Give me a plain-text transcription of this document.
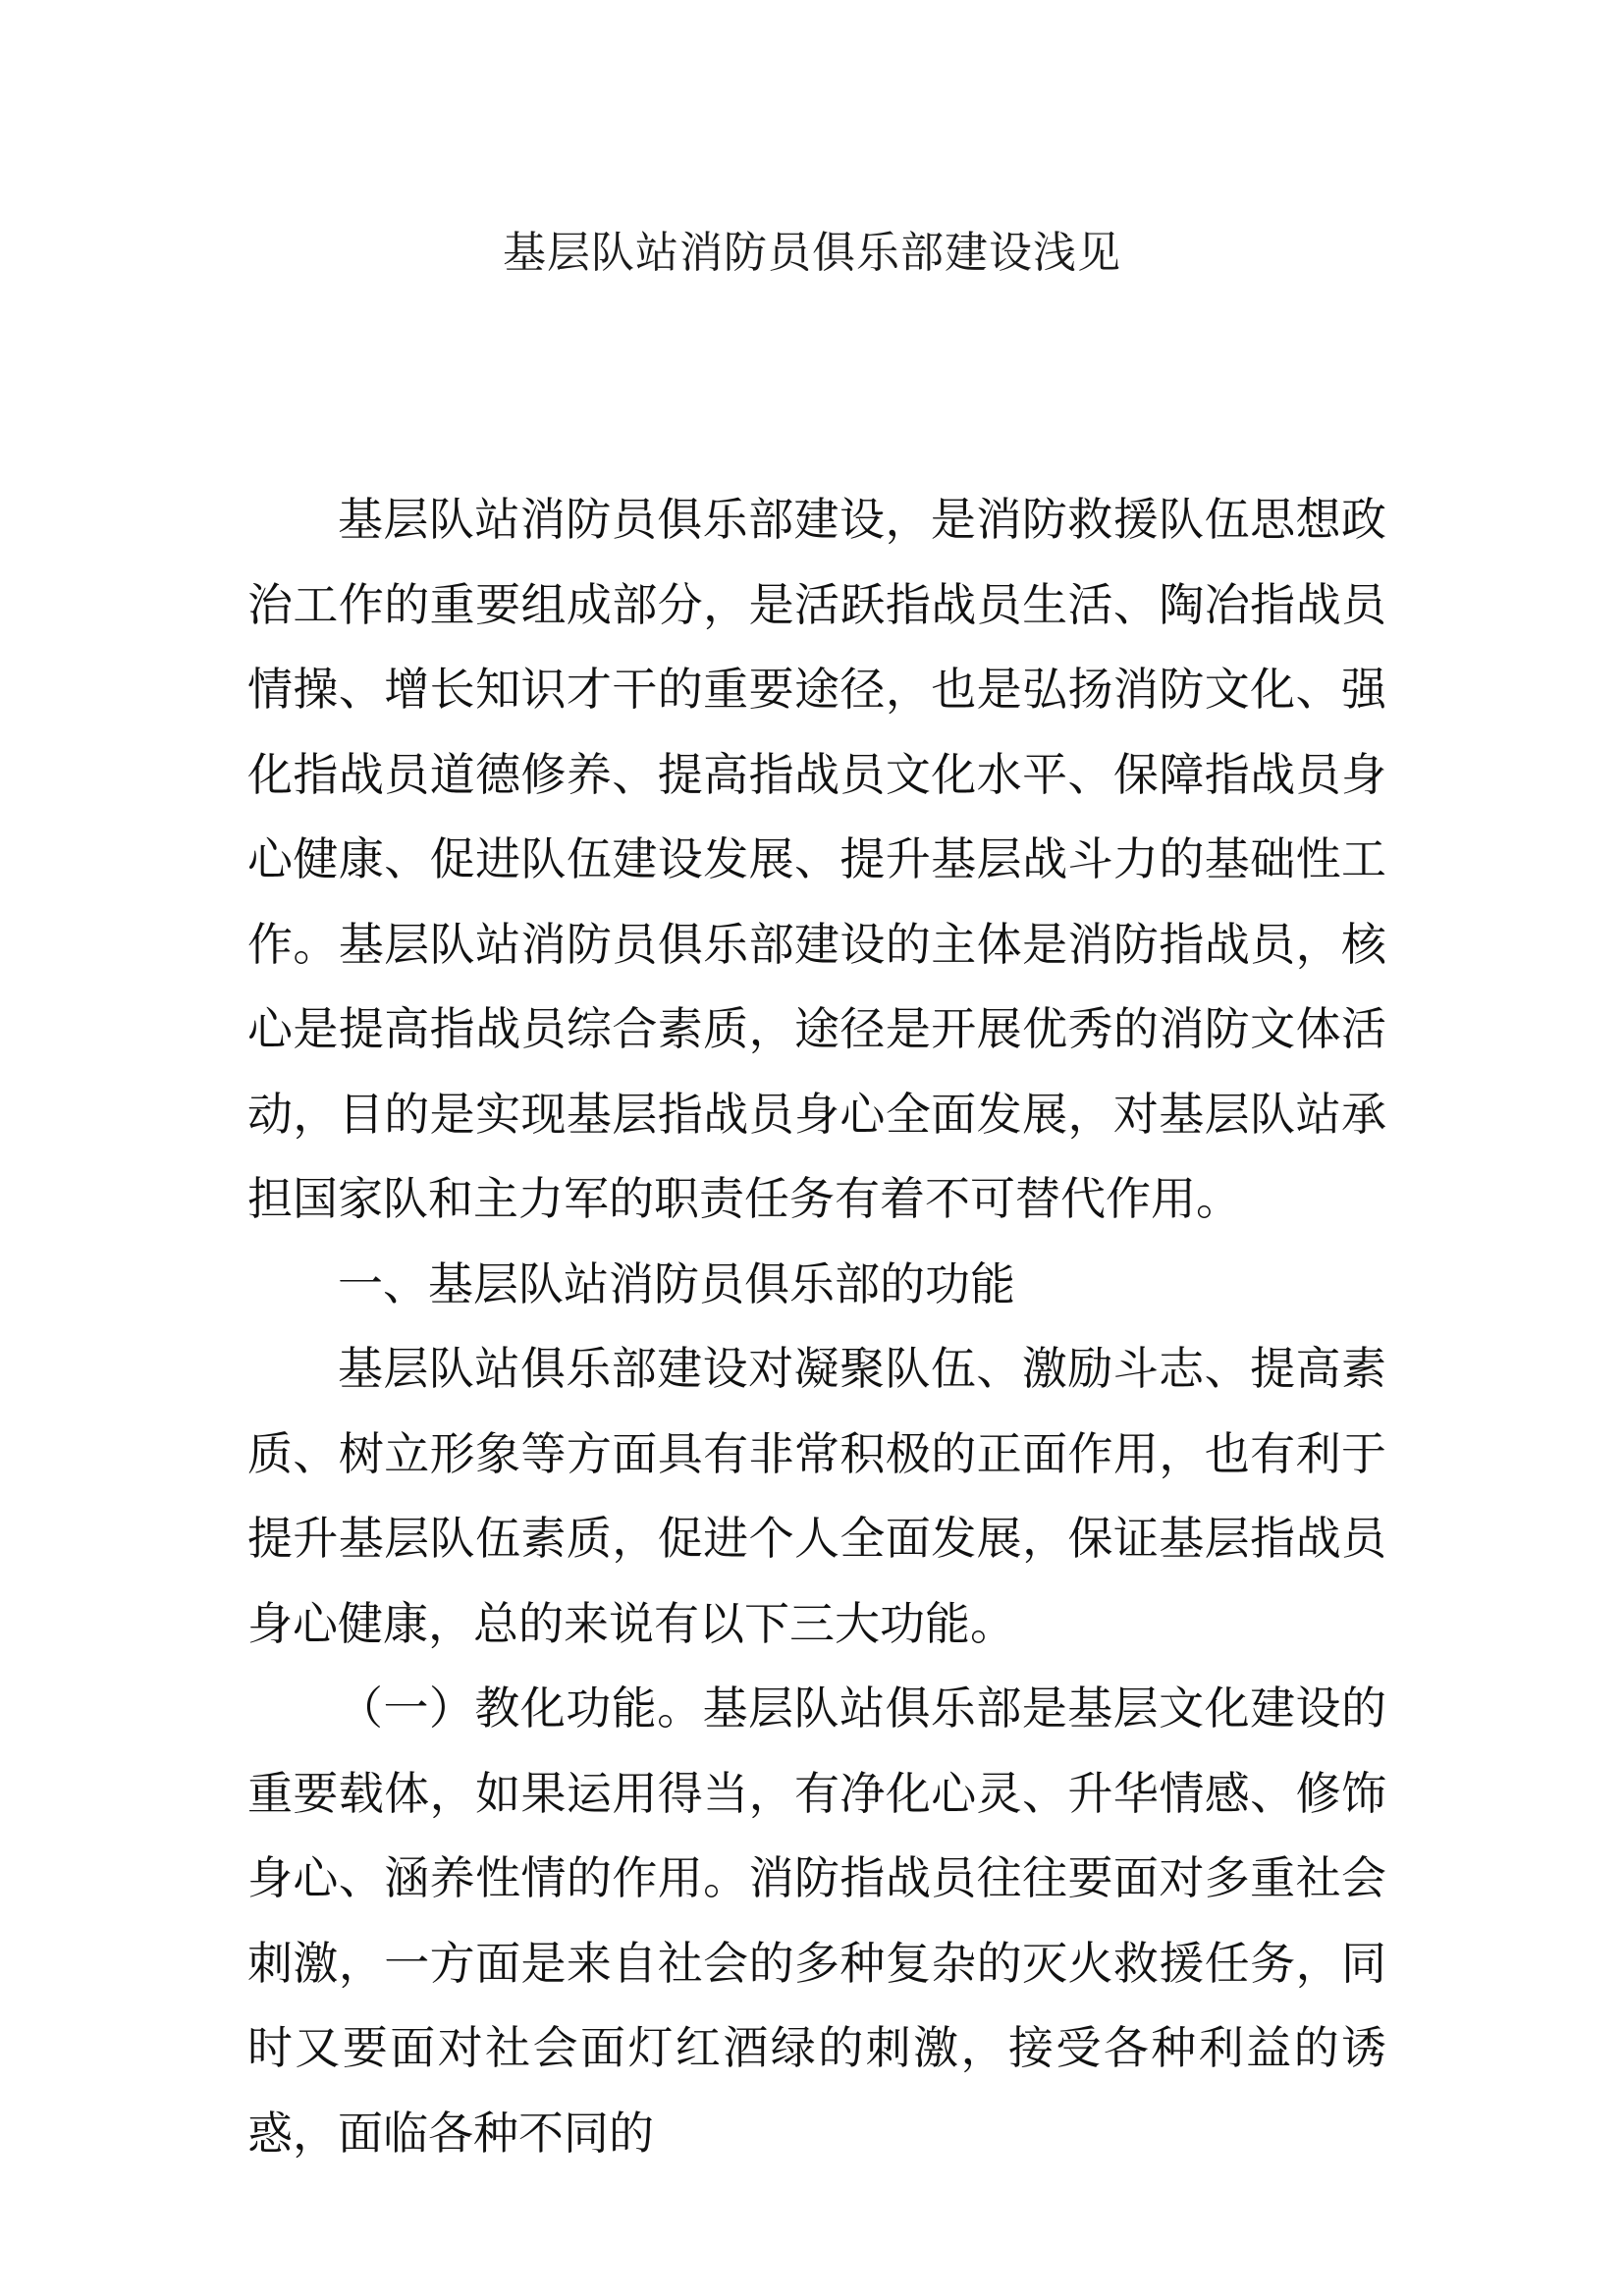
基层队站消防员俱乐部建设浅见

基层队站消防员俱乐部建设，是消防救援队伍思想政治工作的重要组成部分，是活跃指战员生活、陶冶指战员情操、增长知识才干的重要途径，也是弘扬消防文化、强化指战员道德修养、提高指战员文化水平、保障指战员身心健康、促进队伍建设发展、提升基层战斗力的基础性工作。基层队站消防员俱乐部建设的主体是消防指战员，核心是提高指战员综合素质，途径是开展优秀的消防文体活动，目的是实现基层指战员身心全面发展，对基层队站承担国家队和主力军的职责任务有着不可替代作用。

一、基层队站消防员俱乐部的功能

基层队站俱乐部建设对凝聚队伍、激励斗志、提高素质、树立形象等方面具有非常积极的正面作用，也有利于提升基层队伍素质，促进个人全面发展，保证基层指战员身心健康，总的来说有以下三大功能。

（一）教化功能。基层队站俱乐部是基层文化建设的重要载体，如果运用得当，有净化心灵、升华情感、修饰身心、涵养性情的作用。消防指战员往往要面对多重社会刺激，一方面是来自社会的多种复杂的灭火救援任务，同时又要面对社会面灯红酒绿的刺激，接受各种利益的诱惑，面临各种不同的
